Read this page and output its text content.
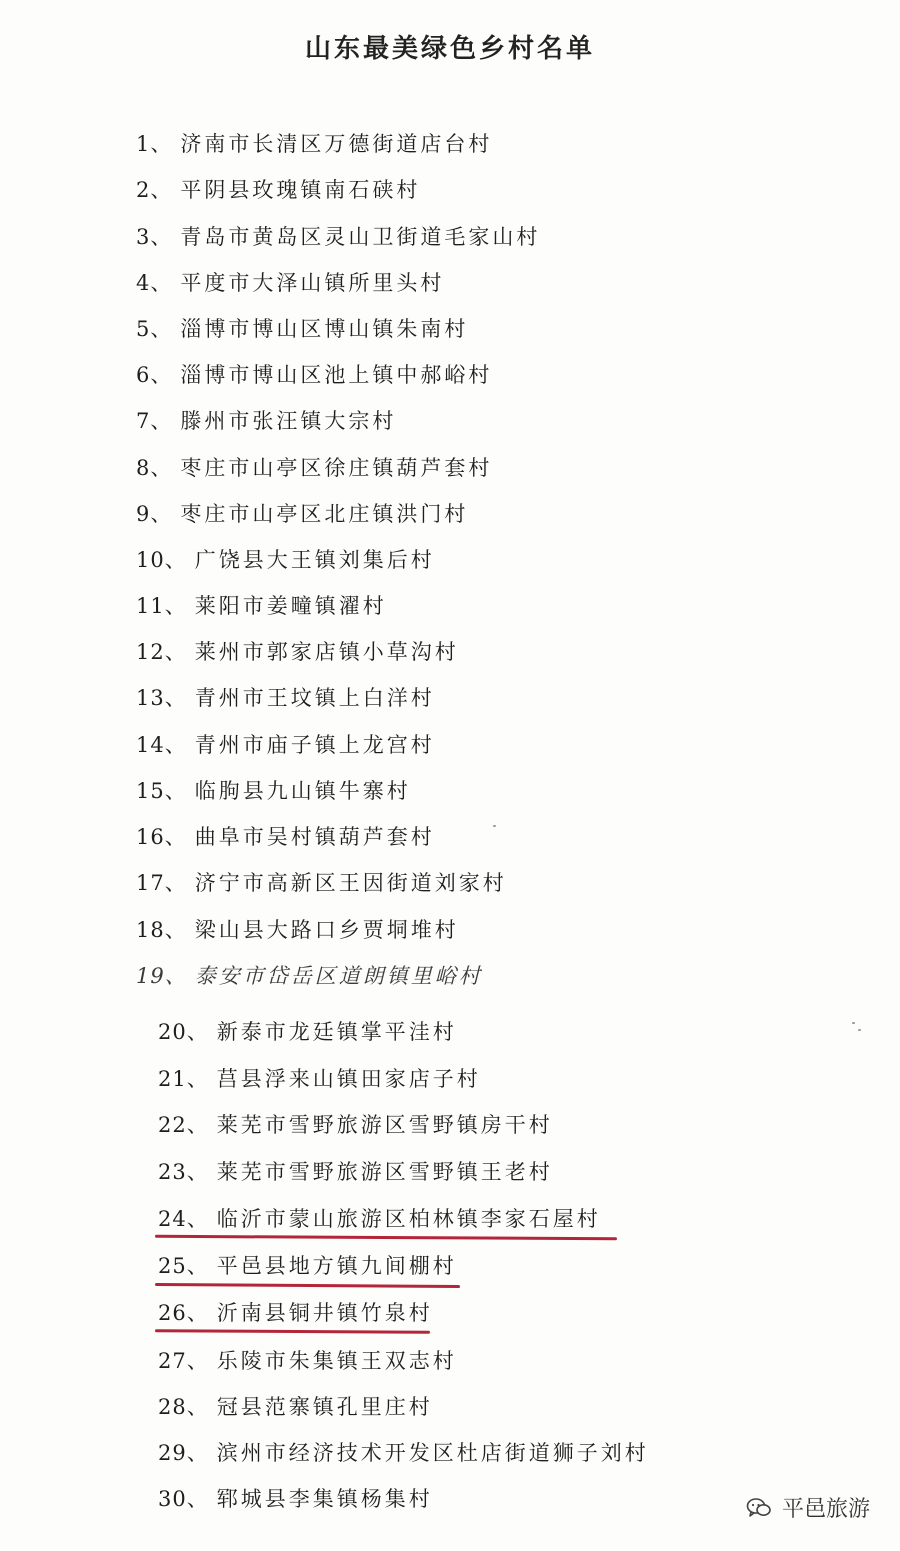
山东最美绿色乡村名单
1、 济南市长清区万德街道店台村
2、 平阴县玫瑰镇南石硖村
3、 青岛市黄岛区灵山卫街道毛家山村
4、 平度市大泽山镇所里头村
5、 淄博市博山区博山镇朱南村
6、 淄博市博山区池上镇中郝峪村
7、 滕州市张汪镇大宗村
8、 枣庄市山亭区徐庄镇葫芦套村
9、 枣庄市山亭区北庄镇洪门村
10、 广饶县大王镇刘集后村
11、 莱阳市姜疃镇濯村
12、 莱州市郭家店镇小草沟村
13、 青州市王坟镇上白洋村
14、 青州市庙子镇上龙宫村
15、 临朐县九山镇牛寨村
16、 曲阜市吴村镇葫芦套村
17、 济宁市高新区王因街道刘家村
18、 梁山县大路口乡贾垌堆村
19、 泰安市岱岳区道朗镇里峪村
20、 新泰市龙廷镇掌平洼村
21、 莒县浮来山镇田家店子村
22、 莱芜市雪野旅游区雪野镇房干村
23、 莱芜市雪野旅游区雪野镇王老村
24、 临沂市蒙山旅游区柏林镇李家石屋村
25、 平邑县地方镇九间棚村
26、 沂南县铜井镇竹泉村
27、 乐陵市朱集镇王双志村
28、 冠县范寨镇孔里庄村
29、 滨州市经济技术开发区杜店街道狮子刘村
30、 郓城县李集镇杨集村	平邑旅游
